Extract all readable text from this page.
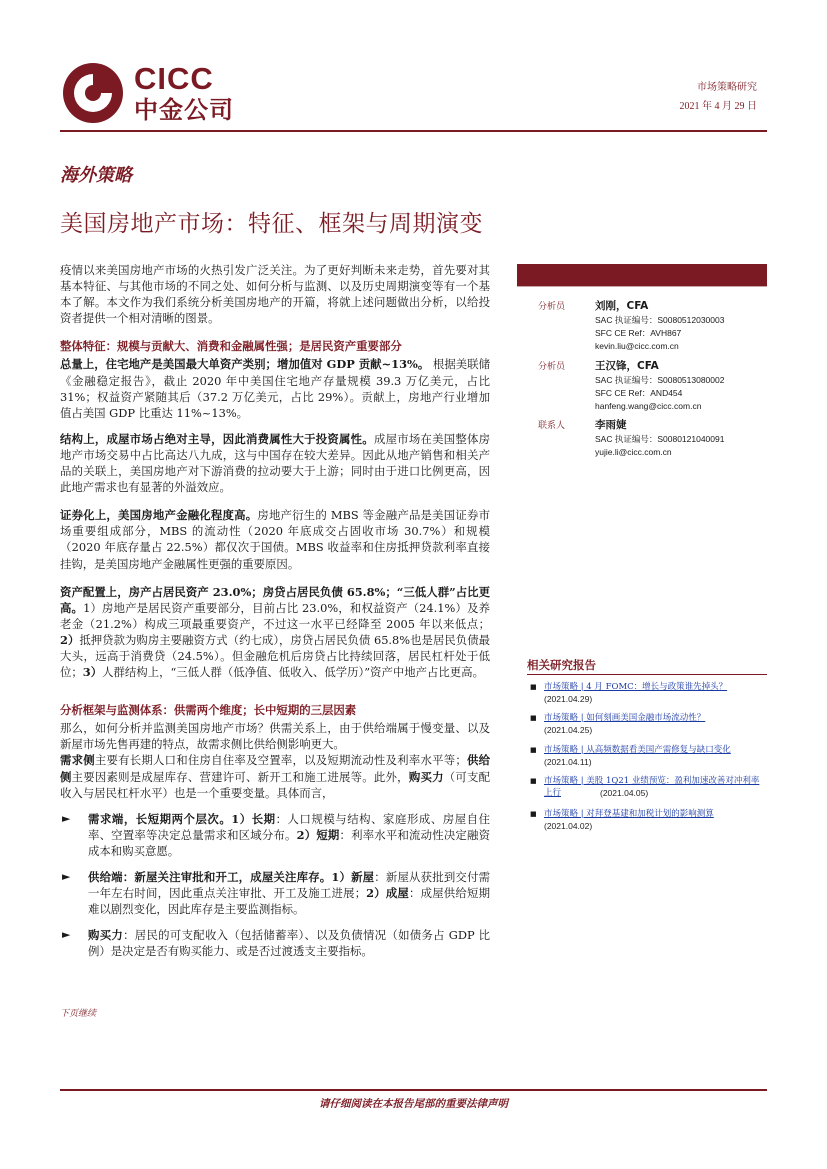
CICC
中金公司
市场策略研究
2021 年 4 月 29 日
海外策略
美国房地产市场：特征、框架与周期演变

疫情以来美国房地产市场的火热引发广泛关注。为了更好判断未来走势，首先要对其基本特征、与其他市场的不同之处、如何分析与监测、以及历史周期演变等有一个基本了解。本文作为我们系统分析美国房地产的开篇，将就上述问题做出分析，以给投资者提供一个相对清晰的图景。

整体特征：规模与贡献大、消费和金融属性强；是居民资产重要部分
总量上，住宅地产是美国最大单资产类别；增加值对 GDP 贡献~13%。 根据美联储《金融稳定报告》，截止 2020 年中美国住宅地产存量规模 39.3 万亿美元，占比 31%；权益资产紧随其后（37.2 万亿美元，占比 29%）。贡献上，房地产行业增加值占美国 GDP 比重达 11%~13%。

结构上，成屋市场占绝对主导，因此消费属性大于投资属性。成屋市场在美国整体房地产市场交易中占比高达八九成，这与中国存在较大差异。因此从地产销售和相关产品的关联上，美国房地产对下游消费的拉动要大于上游；同时由于进口比例更高，因此地产需求也有显著的外溢效应。

证券化上，美国房地产金融化程度高。房地产衍生的 MBS 等金融产品是美国证券市场重要组成部分，MBS 的流动性（2020 年底成交占固收市场 30.7%）和规模（2020 年底存量占 22.5%）都仅次于国债。MBS 收益率和住房抵押贷款利率直接挂钩，是美国房地产金融属性更强的重要原因。

资产配置上，房产占居民资产 23.0%；房贷占居民负债 65.8%；“三低人群”占比更高。1）房地产是居民资产重要部分，目前占比 23.0%，和权益资产（24.1%）及养老金（21.2%）构成三项最重要资产，不过这一水平已经降至 2005 年以来低点；2）抵押贷款为购房主要融资方式（约七成），房贷占居民负债 65.8%也是居民负债最大头，远高于消费贷（24.5%）。但金融危机后房贷占比持续回落，居民杠杆处于低位；3）人群结构上，“三低人群（低净值、低收入、低学历）”资产中地产占比更高。

分析框架与监测体系：供需两个维度；长中短期的三层因素
那么，如何分析并监测美国房地产市场？供需关系上，由于供给端属于慢变量、以及新屋市场先售再建的特点，故需求侧比供给侧影响更大。
需求侧主要有长期人口和住房自住率及空置率，以及短期流动性及利率水平等；供给侧主要因素则是成屋库存、营建许可、新开工和施工进展等。此外，购买力（可支配收入与居民杠杆水平）也是一个重要变量。具体而言，

► 需求端，长短期两个层次。1）长期：人口规模与结构、家庭形成、房屋自住率、空置率等决定总量需求和区域分布。2）短期：利率水平和流动性决定融资成本和购买意愿。
► 供给端：新屋关注审批和开工，成屋关注库存。1）新屋：新屋从获批到交付需一年左右时间，因此重点关注审批、开工及施工进展；2）成屋：成屋供给短期难以剧烈变化，因此库存是主要监测指标。
► 购买力：居民的可支配收入（包括储蓄率）、以及负债情况（如债务占 GDP 比例）是决定是否有购买能力、或是否过渡透支主要指标。
分析员	刘刚，CFA
SAC 执证编号：S0080512030003
SFC CE Ref：AVH867
kevin.liu@cicc.com.cn
分析员	王汉锋，CFA
SAC 执证编号：S0080513080002
SFC CE Ref：AND454
hanfeng.wang@cicc.com.cn
联系人	李雨婕
SAC 执证编号：S0080121040091
yujie.li@cicc.com.cn
相关研究报告
■ 市场策略 | 4 月 FOMC：增长与政策谁先掉头？
(2021.04.29)
■ 市场策略 | 如何刻画美国金融市场流动性？
(2021.04.25)
■ 市场策略 | 从高频数据看美国产需修复与缺口变化
(2021.04.11)
■ 市场策略 | 美股 1Q21 业绩预览：盈利加速改善对冲利率上行	(2021.04.05)
■ 市场策略 | 对拜登基建和加税计划的影响测算
(2021.04.02)
下页继续
请仔细阅读在本报告尾部的重要法律声明
